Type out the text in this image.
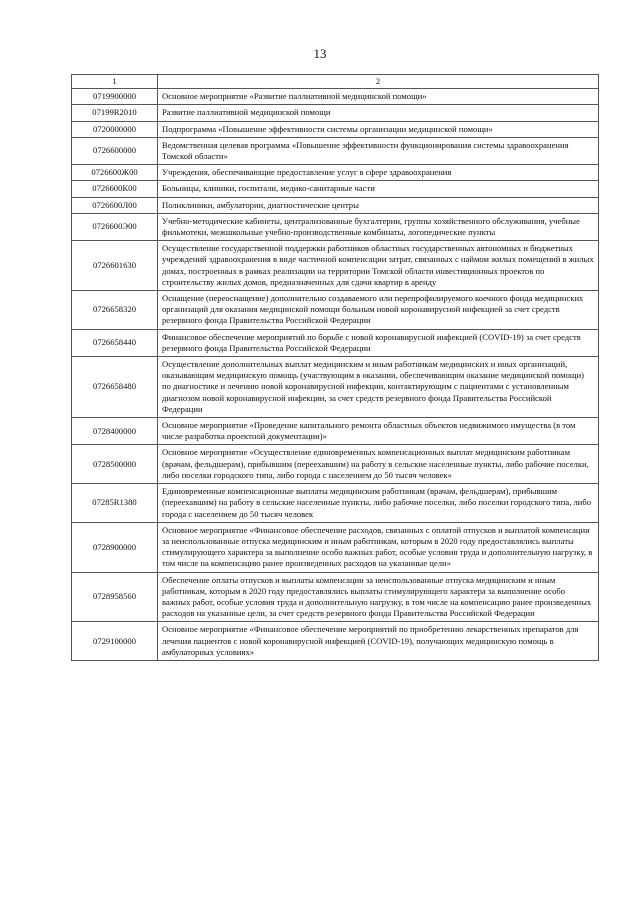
13
1	2
0719900000	Основное мероприятие «Развитие паллиативной медицинской помощи»
07199R2010	Развитие паллиативной медицинской помощи
0720000000	Подпрограмма «Повышение эффективности системы организации медицинской помощи»
0726600000	Ведомственная целевая программа «Повышение эффективности функционирования системы здравоохранения Томской области»
0726600Ж00	Учреждения, обеспечивающие предоставление услуг в сфере здравоохранения
0726600К00	Больницы, клиники, госпитали, медико-санитарные части
0726600Л00	Поликлиники, амбулатории, диагностические центры
0726600Э00	Учебно-методические кабинеты, централизованные бухгалтерии, группы хозяйственного обслуживания, учебные фильмотеки, межшкольные учебно-производственные комбинаты, логопедические пункты
0726601630	Осуществление государственной поддержки работников областных государственных автономных и бюджетных учреждений здравоохранения в виде частичной компенсации затрат, связанных с наймом жилых помещений в жилых домах, построенных в рамках реализации на территории Томской области инвестиционных проектов по строительству жилых домов, предназначенных для сдачи квартир в аренду
0726658320	Оснащение (переоснащение) дополнительно создаваемого или перепрофилируемого коечного фонда медицинских организаций для оказания медицинской помощи больным новой коронавирусной инфекцией за счет средств резервного фонда Правительства Российской Федерации
0726658440	Финансовое обеспечение мероприятий по борьбе с новой коронавирусной инфекцией (COVID-19) за счет средств резервного фонда Правительства Российской Федерации
0726658480	Осуществление дополнительных выплат медицинским и иным работникам медицинских и иных организаций, оказывающим медицинскую помощь (участвующим в оказании, обеспечивающим оказание медицинской помощи) по диагностике и лечению новой коронавирусной инфекции, контактирующим с пациентами с установленным диагнозом новой коронавирусной инфекции, за счет средств резервного фонда Правительства Российской Федерации
0728400000	Основное мероприятие «Проведение капитального ремонта областных объектов недвижимого имущества (в том числе разработка проектной документации)»
0728500000	Основное мероприятие «Осуществление единовременных компенсационных выплат медицинским работникам (врачам, фельдшерам), прибывшим (переехавшим) на работу в сельские населенные пункты, либо рабочие поселки, либо поселки городского типа, либо города с населением до 50 тысяч человек»
07285R1380	Единовременные компенсационные выплаты медицинским работникам (врачам, фельдшерам), прибывшим (переехавшим) на работу в сельские населенные пункты, либо рабочие поселки, либо поселки городского типа, либо города с населением до 50 тысяч человек
0728900000	Основное мероприятие «Финансовое обеспечение расходов, связанных с оплатой отпусков и выплатой компенсации за неиспользованные отпуска медицинским и иным работникам, которым в 2020 году предоставлялись выплаты стимулирующего характера за выполнение особо важных работ, особые условия труда и дополнительную нагрузку, в том числе на компенсацию ранее произведенных расходов на указанные цели»
0728958560	Обеспечение оплаты отпусков и выплаты компенсации за неиспользованные отпуска медицинским и иным работникам, которым в 2020 году предоставлялись выплаты стимулирующего характера за выполнение особо важных работ, особые условия труда и дополнительную нагрузку, в том числе на компенсацию ранее произведенных расходов на указанные цели, за счет средств резервного фонда Правительства Российской Федерации
0729100000	Основное мероприятие «Финансовое обеспечение мероприятий по приобретению лекарственных препаратов для лечения пациентов с новой коронавирусной инфекцией (COVID-19), получающих медицинскую помощь в амбулаторных условиях»
